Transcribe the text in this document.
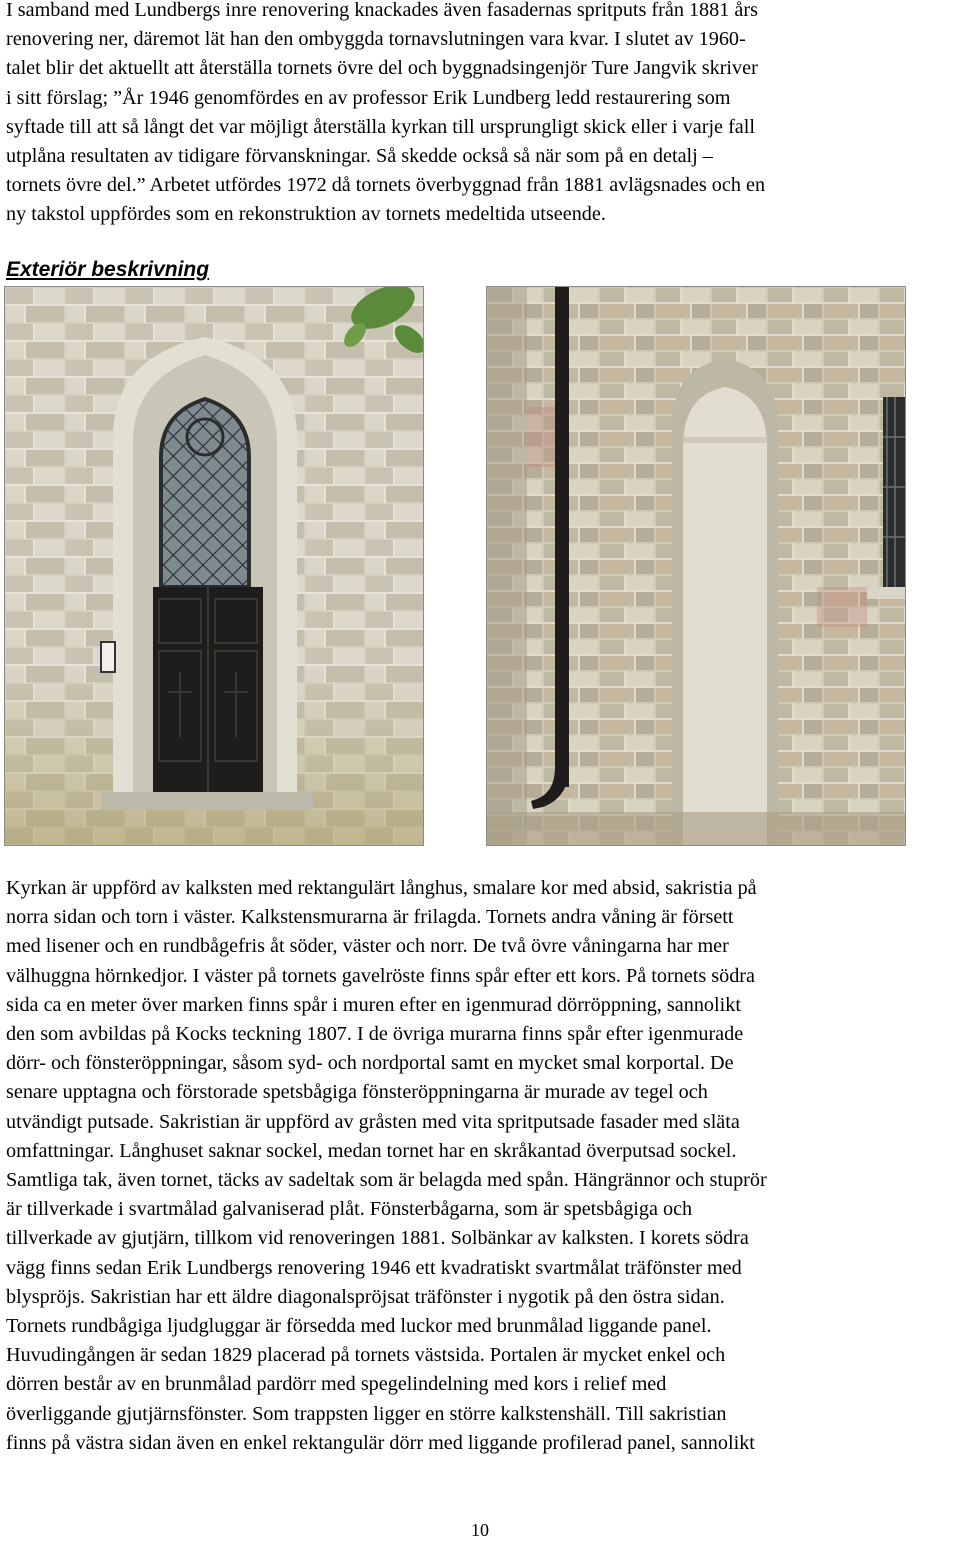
I samband med Lundbergs inre renovering knackades även fasadernas spritputs från 1881 års
renovering ner, däremot lät han den ombyggda tornavslutningen vara kvar. I slutet av 1960-
talet blir det aktuellt att återställa tornets övre del och byggnadsingenjör Ture Jangvik skriver
i sitt förslag; ”År 1946 genomfördes en av professor Erik Lundberg ledd restaurering som
syftade till att så långt det var möjligt återställa kyrkan till ursprungligt skick eller i varje fall
utplåna resultaten av tidigare förvanskningar. Så skedde också så när som på en detalj –
tornets övre del.” Arbetet utfördes 1972 då tornets överbyggnad från 1881 avlägsnades och en
ny takstol uppfördes som en rekonstruktion av tornets medeltida utseende.
Exteriör beskrivning
Kyrkan är uppförd av kalksten med rektangulärt långhus, smalare kor med absid, sakristia på
norra sidan och torn i väster. Kalkstensmurarna är frilagda. Tornets andra våning är försett
med lisener och en rundbågefris åt söder, väster och norr. De två övre våningarna har mer
välhuggna hörnkedjor. I väster på tornets gavelröste finns spår efter ett kors. På tornets södra
sida ca en meter över marken finns spår i muren efter en igenmurad dörröppning, sannolikt
den som avbildas på Kocks teckning 1807. I de övriga murarna finns spår efter igenmurade
dörr- och fönsteröppningar, såsom syd- och nordportal samt en mycket smal korportal. De
senare upptagna och förstorade spetsbågiga fönsteröppningarna är murade av tegel och
utvändigt putsade. Sakristian är uppförd av gråsten med vita spritputsade fasader med släta
omfattningar. Långhuset saknar sockel, medan tornet har en skråkantad överputsad sockel.
Samtliga tak, även tornet, täcks av sadeltak som är belagda med spån. Hängrännor och stuprör
är tillverkade i svartmålad galvaniserad plåt. Fönsterbågarna, som är spetsbågiga och
tillverkade av gjutjärn, tillkom vid renoveringen 1881. Solbänkar av kalksten. I korets södra
vägg finns sedan Erik Lundbergs renovering 1946 ett kvadratiskt svartmålat träfönster med
blyspröjs. Sakristian har ett äldre diagonalspröjsat träfönster i nygotik på den östra sidan.
Tornets rundbågiga ljudgluggar är försedda med luckor med brunmålad liggande panel.
Huvudingången är sedan 1829 placerad på tornets västsida. Portalen är mycket enkel och
dörren består av en brunmålad pardörr med spegelindelning med kors i relief med
överliggande gjutjärnsfönster. Som trappsten ligger en större kalkstenshäll. Till sakristian
finns på västra sidan även en enkel rektangulär dörr med liggande profilerad panel, sannolikt
10
